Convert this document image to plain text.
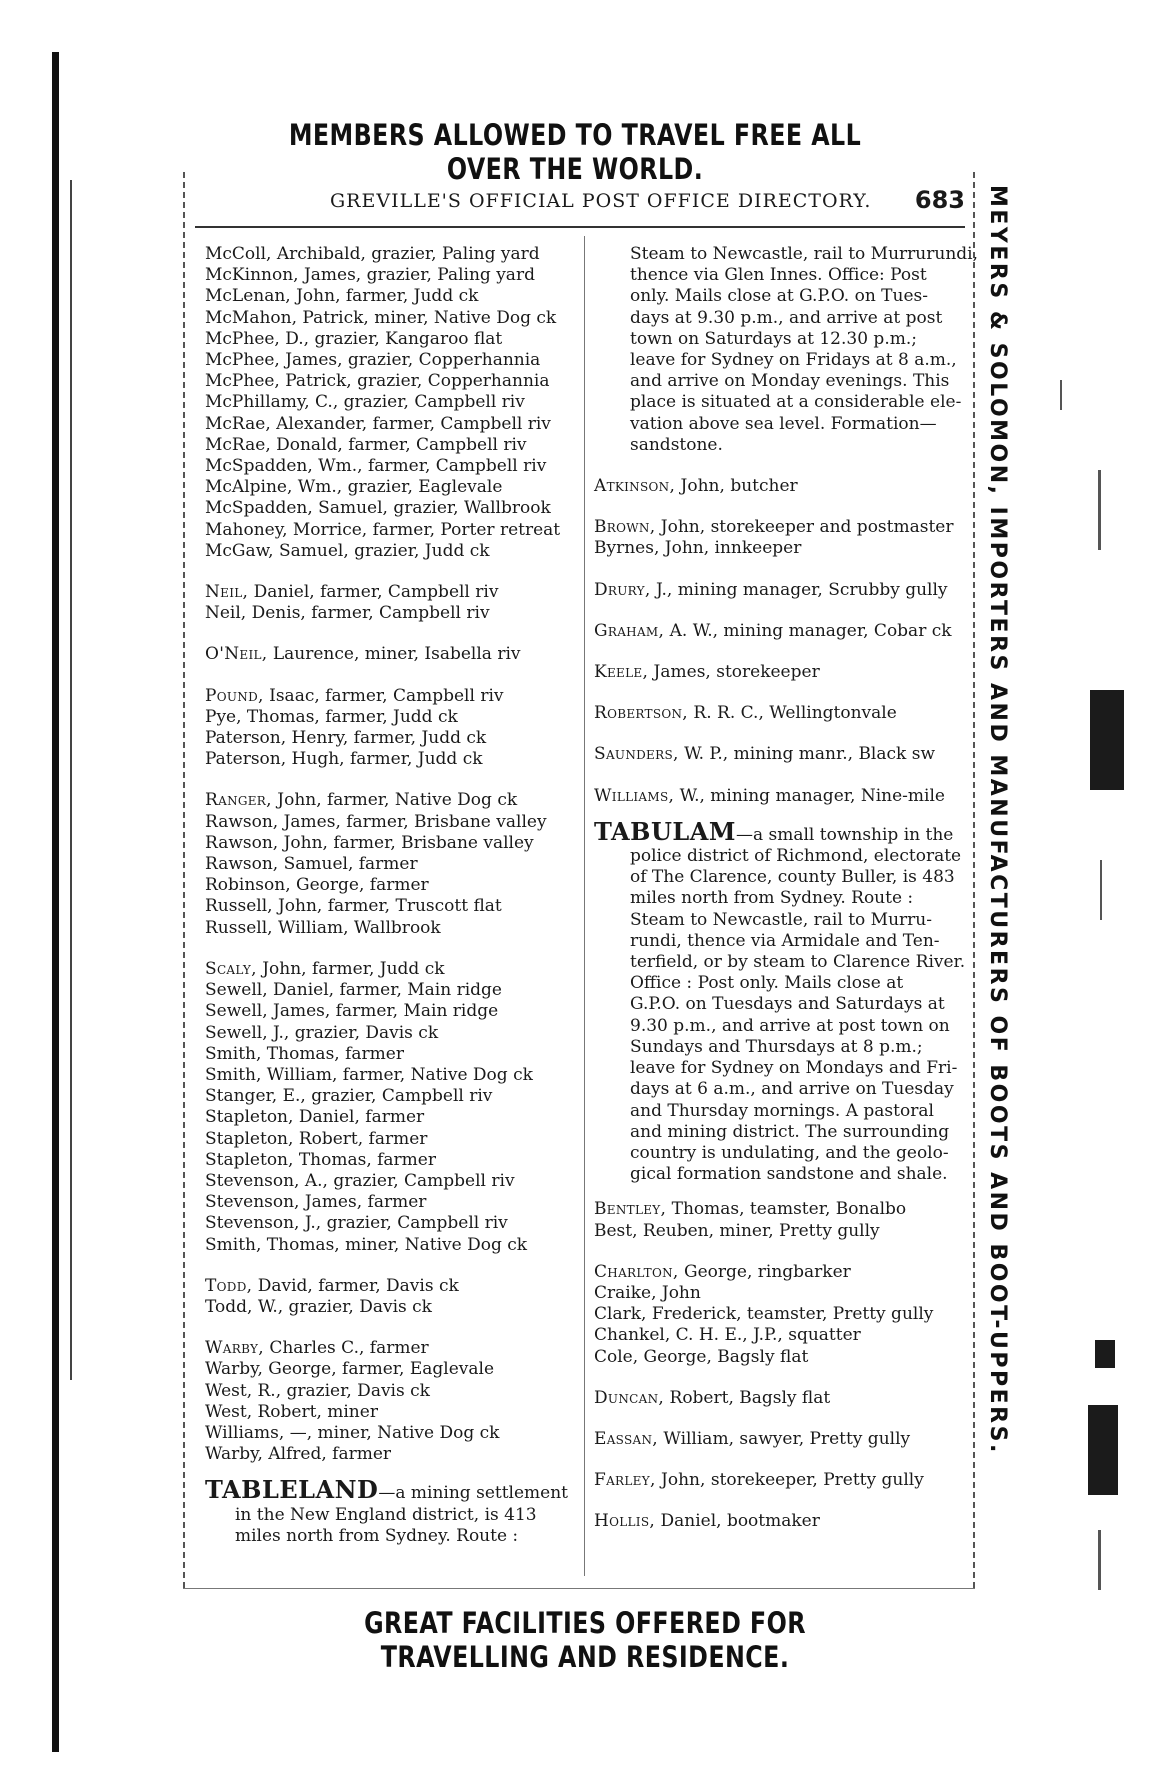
MEMBERS ALLOWED TO TRAVEL FREE ALL OVER THE WORLD.
GREVILLE'S OFFICIAL POST OFFICE DIRECTORY. 683
McColl, Archibald, grazier, Paling yard
McKinnon, James, grazier, Paling yard
McLenan, John, farmer, Judd ck
McMahon, Patrick, miner, Native Dog ck
McPhee, D., grazier, Kangaroo flat
McPhee, James, grazier, Copperhannia
McPhee, Patrick, grazier, Copperhannia
McPhillamy, C., grazier, Campbell riv
McRae, Alexander, farmer, Campbell riv
McRae, Donald, farmer, Campbell riv
McSpadden, Wm., farmer, Campbell riv
McAlpine, Wm., grazier, Eaglevale
McSpadden, Samuel, grazier, Wallbrook
Mahoney, Morrice, farmer, Porter retreat
McGaw, Samuel, grazier, Judd ck
Neil, Daniel, farmer, Campbell riv
Neil, Denis, farmer, Campbell riv
O'Neil, Laurence, miner, Isabella riv
Pound, Isaac, farmer, Campbell riv
Pye, Thomas, farmer, Judd ck
Paterson, Henry, farmer, Judd ck
Paterson, Hugh, farmer, Judd ck
Ranger, John, farmer, Native Dog ck
Rawson, James, farmer, Brisbane valley
Rawson, John, farmer, Brisbane valley
Rawson, Samuel, farmer
Robinson, George, farmer
Russell, John, farmer, Truscott flat
Russell, William, Wallbrook
Scaly, John, farmer, Judd ck
Sewell, Daniel, farmer, Main ridge
Sewell, James, farmer, Main ridge
Sewell, J., grazier, Davis ck
Smith, Thomas, farmer
Smith, William, farmer, Native Dog ck
Stanger, E., grazier, Campbell riv
Stapleton, Daniel, farmer
Stapleton, Robert, farmer
Stapleton, Thomas, farmer
Stevenson, A., grazier, Campbell riv
Stevenson, James, farmer
Stevenson, J., grazier, Campbell riv
Smith, Thomas, miner, Native Dog ck
Todd, David, farmer, Davis ck
Todd, W., grazier, Davis ck
Warby, Charles C., farmer
Warby, George, farmer, Eaglevale
West, R., grazier, Davis ck
West, Robert, miner
Williams, —, miner, Native Dog ck
Warby, Alfred, farmer
TABLELAND—a mining settlement
in the New England district, is 413
miles north from Sydney. Route :
Steam to Newcastle, rail to Murrurundi,
thence via Glen Innes. Office: Post
only. Mails close at G.P.O. on Tues-
days at 9.30 p.m., and arrive at post
town on Saturdays at 12.30 p.m.;
leave for Sydney on Fridays at 8 a.m.,
and arrive on Monday evenings. This
place is situated at a considerable ele-
vation above sea level. Formation—
sandstone.
Atkinson, John, butcher
Brown, John, storekeeper and postmaster
Byrnes, John, innkeeper
Drury, J., mining manager, Scrubby gully
Graham, A. W., mining manager, Cobar ck
Keele, James, storekeeper
Robertson, R. R. C., Wellingtonvale
Saunders, W. P., mining manr., Black sw
Williams, W., mining manager, Nine-mile
TABULAM—a small township in the
police district of Richmond, electorate
of The Clarence, county Buller, is 483
miles north from Sydney. Route :
Steam to Newcastle, rail to Murru-
rundi, thence via Armidale and Ten-
terfield, or by steam to Clarence River.
Office : Post only. Mails close at
G.P.O. on Tuesdays and Saturdays at
9.30 p.m., and arrive at post town on
Sundays and Thursdays at 8 p.m.;
leave for Sydney on Mondays and Fri-
days at 6 a.m., and arrive on Tuesday
and Thursday mornings. A pastoral
and mining district. The surrounding
country is undulating, and the geolo-
gical formation sandstone and shale.
Bentley, Thomas, teamster, Bonalbo
Best, Reuben, miner, Pretty gully
Charlton, George, ringbarker
Craike, John
Clark, Frederick, teamster, Pretty gully
Chankel, C. H. E., J.P., squatter
Cole, George, Bagsly flat
Duncan, Robert, Bagsly flat
Eassan, William, sawyer, Pretty gully
Farley, John, storekeeper, Pretty gully
Hollis, Daniel, bootmaker
MEYERS & SOLOMON, IMPORTERS AND MANUFACTURERS OF BOOTS AND BOOT-UPPERS.
GREAT FACILITIES OFFERED FOR TRAVELLING AND RESIDENCE.
